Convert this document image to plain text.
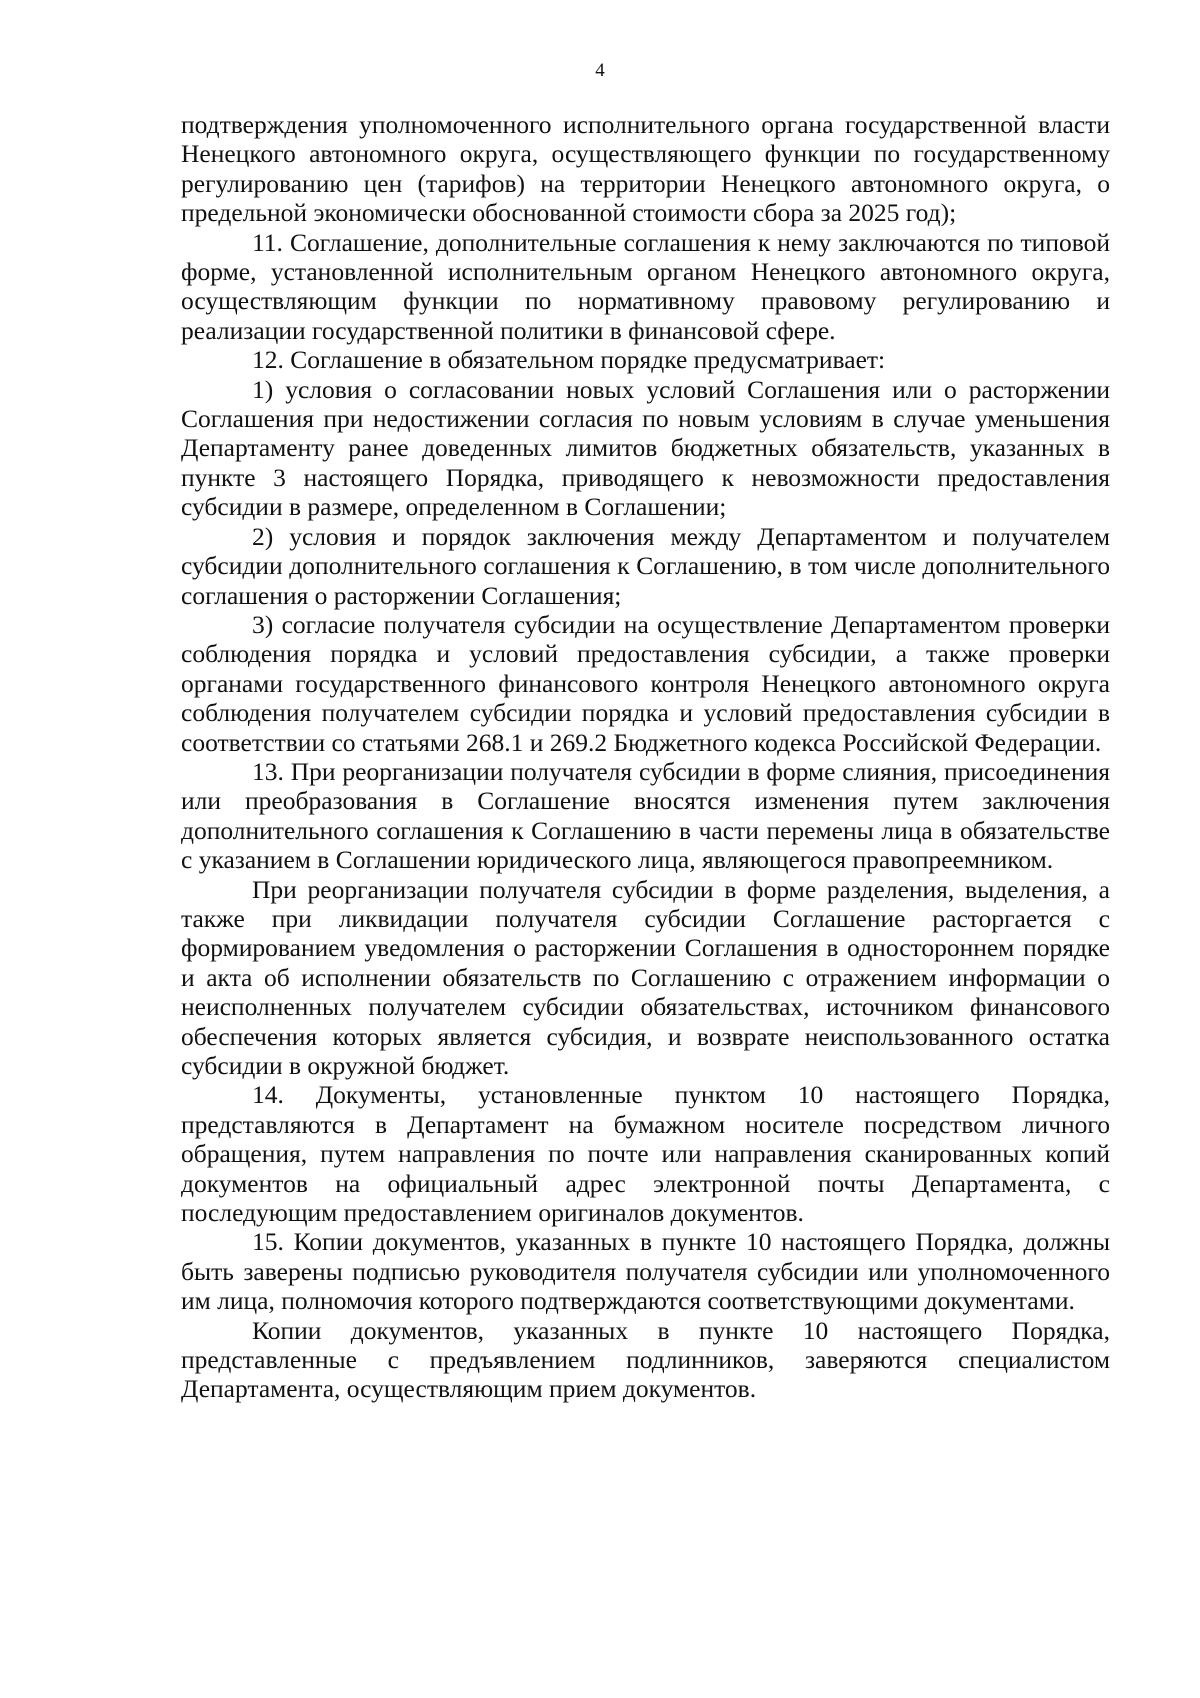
4

подтверждения уполномоченного исполнительного органа государственной власти Ненецкого автономного округа, осуществляющего функции по государственному регулированию цен (тарифов) на территории Ненецкого автономного округа, о предельной экономически обоснованной стоимости сбора за 2025 год);

11. Соглашение, дополнительные соглашения к нему заключаются по типовой форме, установленной исполнительным органом Ненецкого автономного округа, осуществляющим функции по нормативному правовому регулированию и реализации государственной политики в финансовой сфере.

12. Соглашение в обязательном порядке предусматривает:

1) условия о согласовании новых условий Соглашения или о расторжении Соглашения при недостижении согласия по новым условиям в случае уменьшения Департаменту ранее доведенных лимитов бюджетных обязательств, указанных в пункте 3 настоящего Порядка, приводящего к невозможности предоставления субсидии в размере, определенном в Соглашении;

2) условия и порядок заключения между Департаментом и получателем субсидии дополнительного соглашения к Соглашению, в том числе дополнительного соглашения о расторжении Соглашения;

3) согласие получателя субсидии на осуществление Департаментом проверки соблюдения порядка и условий предоставления субсидии, а также проверки органами государственного финансового контроля Ненецкого автономного округа соблюдения получателем субсидии порядка и условий предоставления субсидии в соответствии со статьями 268.1 и 269.2 Бюджетного кодекса Российской Федерации.

13. При реорганизации получателя субсидии в форме слияния, присоединения или преобразования в Соглашение вносятся изменения путем заключения дополнительного соглашения к Соглашению в части перемены лица в обязательстве с указанием в Соглашении юридического лица, являющегося правопреемником.

При реорганизации получателя субсидии в форме разделения, выделения, а также при ликвидации получателя субсидии Соглашение расторгается с формированием уведомления о расторжении Соглашения в одностороннем порядке и акта об исполнении обязательств по Соглашению с отражением информации о неисполненных получателем субсидии обязательствах, источником финансового обеспечения которых является субсидия, и возврате неиспользованного остатка субсидии в окружной бюджет.

14. Документы, установленные пунктом 10 настоящего Порядка, представляются в Департамент на бумажном носителе посредством личного обращения, путем направления по почте или направления сканированных копий документов на официальный адрес электронной почты Департамента, с последующим предоставлением оригиналов документов.

15. Копии документов, указанных в пункте 10 настоящего Порядка, должны быть заверены подписью руководителя получателя субсидии или уполномоченного им лица, полномочия которого подтверждаются соответствующими документами.

Копии документов, указанных в пункте 10 настоящего Порядка, представленные с предъявлением подлинников, заверяются специалистом Департамента, осуществляющим прием документов.
